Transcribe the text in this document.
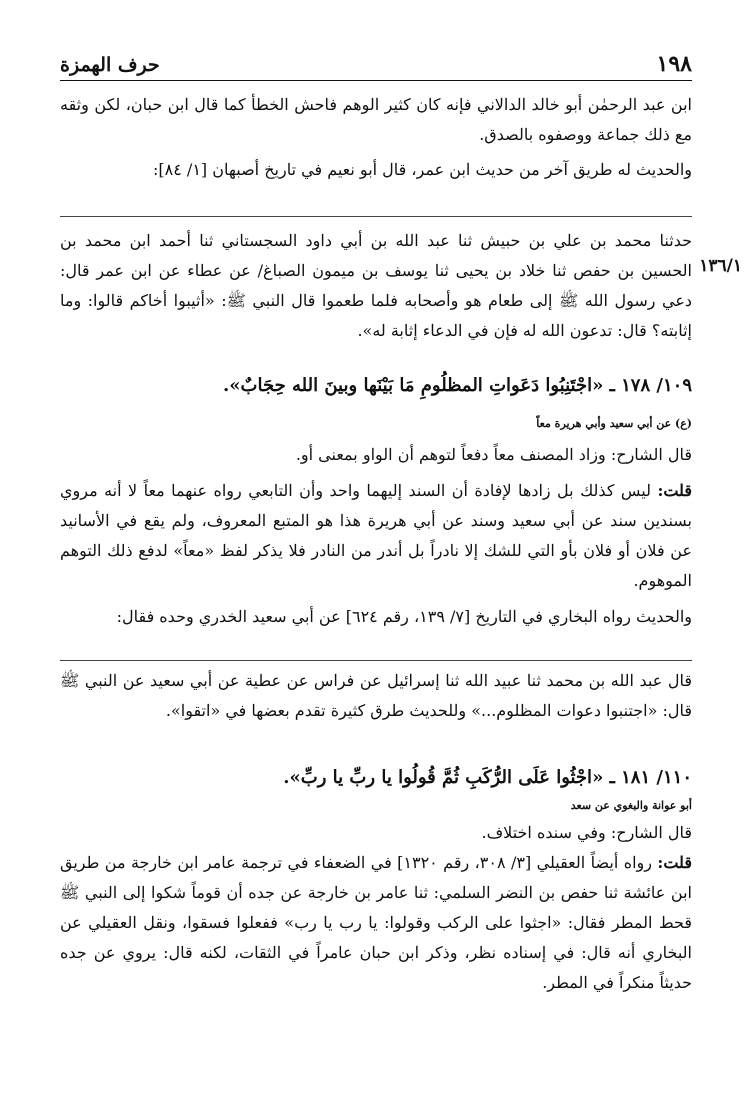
١٩٨
حرف الهمزة
ابن عبد الرحمٰن أبو خالد الدالاني فإنه كان كثير الوهم فاحش الخطأ كما قال ابن حبان، لكن وثقه مع ذلك جماعة ووصفوه بالصدق.
والحديث له طريق آخر من حديث ابن عمر، قال أبو نعيم في تاريخ أصبهان [١/ ٨٤]:
حدثنا محمد بن علي بن حبيش ثنا عبد الله بن أبي داود السجستاني ثنا أحمد ابن محمد بن الحسين بن حفص ثنا خلاد بن يحيى ثنا يوسف بن ميمون الصباغ/ عن عطاء عن ابن عمر قال: دعي رسول الله ﷺ إلى طعام هو وأصحابه فلما طعموا قال النبي ﷺ: «أثيبوا أخاكم قالوا: وما إثابته؟ قال: تدعون الله له فإن في الدعاء إثابة له».
١٣٦/١
١٠٩/ ١٧٨ ـ «اجْتَنِبُوا دَعَواتِ المظلُومِ مَا بَيْنَها وبينَ الله حِجَابٌ».
(ع) عن أبي سعيد وأبي هريرة معاً
قال الشارح: وزاد المصنف معاً دفعاً لتوهم أن الواو بمعنى أو.
قلت: ليس كذلك بل زادها لإفادة أن السند إليهما واحد وأن التابعي رواه عنهما معاً لا أنه مروي بسندين سند عن أبي سعيد وسند عن أبي هريرة هذا هو المتبع المعروف، ولم يقع في الأسانيد عن فلان أو فلان بأو التي للشك إلا نادراً بل أندر من النادر فلا يذكر لفظ «معاً» لدفع ذلك التوهم الموهوم.
والحديث رواه البخاري في التاريخ [٧/ ١٣٩، رقم ٦٢٤] عن أبي سعيد الخدري وحده فقال:
قال عبد الله بن محمد ثنا عبيد الله ثنا إسرائيل عن فراس عن عطية عن أبي سعيد عن النبي ﷺ قال: «اجتنبوا دعوات المظلوم...» وللحديث طرق كثيرة تقدم بعضها في «اتقوا».
١١٠/ ١٨١ ـ «اجْثُوا عَلَى الرُّكَبِ ثُمَّ قُولُوا يا ربِّ يا ربِّ».
أبو عوانة والبغوي عن سعد
قال الشارح: وفي سنده اختلاف.
قلت: رواه أيضاً العقيلي [٣/ ٣٠٨، رقم ١٣٢٠] في الضعفاء في ترجمة عامر ابن خارجة من طريق ابن عائشة ثنا حفص بن النضر السلمي: ثنا عامر بن خارجة عن جده أن قوماً شكوا إلى النبي ﷺ قحط المطر فقال: «اجثوا على الركب وقولوا: يا رب يا رب» ففعلوا فسقوا، ونقل العقيلي عن البخاري أنه قال: في إسناده نظر، وذكر ابن حبان عامراً في الثقات، لكنه قال: يروي عن جده حديثاً منكراً في المطر.
